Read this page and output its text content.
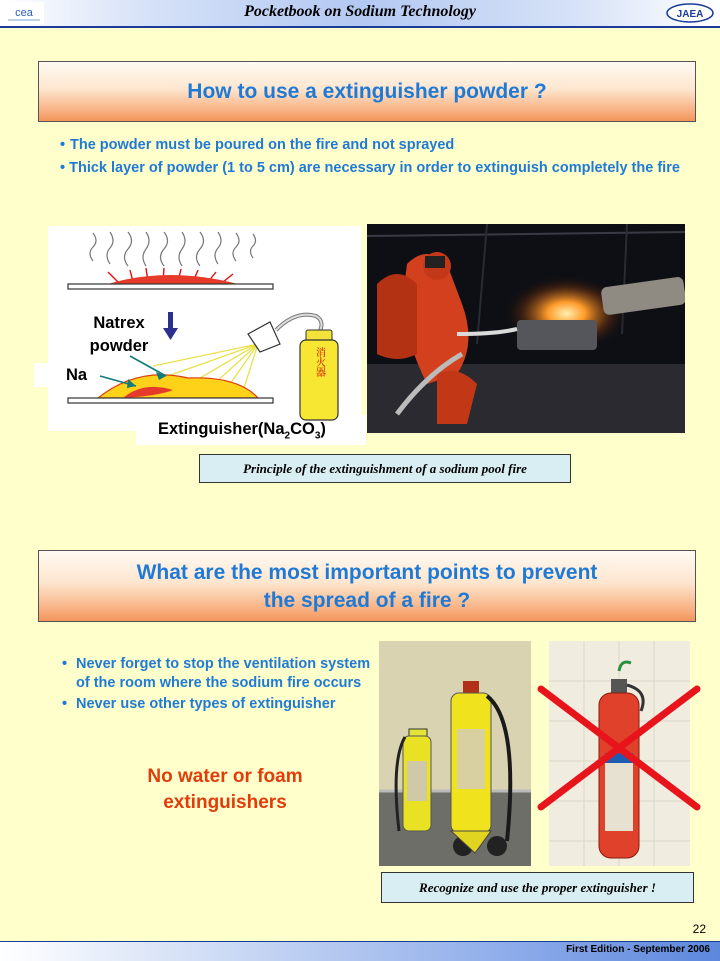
cea	Pocketbook on Sodium Technology	JAEA
How to use a extinguisher powder ?
• The powder must be poured on the fire and not sprayed
• Thick layer of powder (1 to 5 cm) are necessary in order to extinguish completely the fire
消火器
Natrex
powder
Na
$Extinguisher(Na_2CO_3)$
Principle of the extinguishment of a sodium pool fire
What are the most important points to prevent
the spread of a fire ?
• Never forget to stop the ventilation system of the room where the sodium fire occurs
• Never use other types of extinguisher
No water or foam
extinguishers
Recognize and use the proper extinguisher !
22
First Edition - September 2006
